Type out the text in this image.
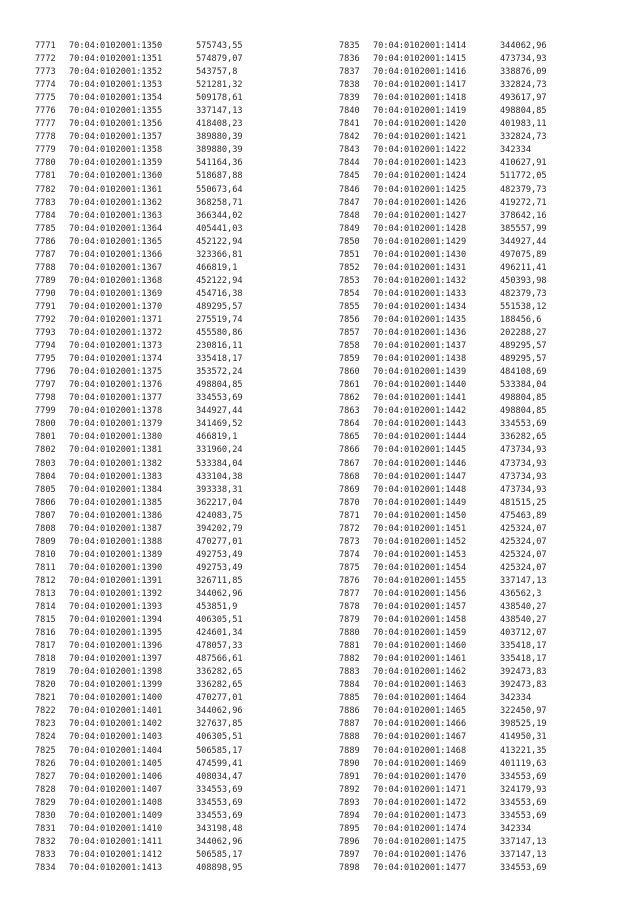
7771 70:04:0102001:1350	575743,55
7772 70:04:0102001:1351	574879,07
7773 70:04:0102001:1352	543757,8
7774 70:04:0102001:1353	521281,32
7775 70:04:0102001:1354	509178,61
7776 70:04:0102001:1355	337147,13
7777 70:04:0102001:1356	418408,23
7778 70:04:0102001:1357	389880,39
7779 70:04:0102001:1358	389880,39
7780 70:04:0102001:1359	541164,36
7781 70:04:0102001:1360	518687,88
7782 70:04:0102001:1361	550673,64
7783 70:04:0102001:1362	368258,71
7784 70:04:0102001:1363	366344,02
7785 70:04:0102001:1364	405441,03
7786 70:04:0102001:1365	452122,94
7787 70:04:0102001:1366	323366,81
7788 70:04:0102001:1367	466819,1
7789 70:04:0102001:1368	452122,94
7790 70:04:0102001:1369	454716,38
7791 70:04:0102001:1370	489295,57
7792 70:04:0102001:1371	275519,74
7793 70:04:0102001:1372	455580,86
7794 70:04:0102001:1373	230816,11
7795 70:04:0102001:1374	335418,17
7796 70:04:0102001:1375	353572,24
7797 70:04:0102001:1376	498804,85
7798 70:04:0102001:1377	334553,69
7799 70:04:0102001:1378	344927,44
7800 70:04:0102001:1379	341469,52
7801 70:04:0102001:1380	466819,1
7802 70:04:0102001:1381	331960,24
7803 70:04:0102001:1382	533384,04
7804 70:04:0102001:1383	433104,38
7805 70:04:0102001:1384	393338,31
7806 70:04:0102001:1385	362217,04
7807 70:04:0102001:1386	424083,75
7808 70:04:0102001:1387	394202,79
7809 70:04:0102001:1388	470277,01
7810 70:04:0102001:1389	492753,49
7811 70:04:0102001:1390	492753,49
7812 70:04:0102001:1391	326711,85
7813 70:04:0102001:1392	344062,96
7814 70:04:0102001:1393	453851,9
7815 70:04:0102001:1394	406305,51
7816 70:04:0102001:1395	424601,34
7817 70:04:0102001:1396	478057,33
7818 70:04:0102001:1397	487566,61
7819 70:04:0102001:1398	336282,65
7820 70:04:0102001:1399	336282,65
7821 70:04:0102001:1400	470277,01
7822 70:04:0102001:1401	344062,96
7823 70:04:0102001:1402	327637,85
7824 70:04:0102001:1403	406305,51
7825 70:04:0102001:1404	506585,17
7826 70:04:0102001:1405	474599,41
7827 70:04:0102001:1406	408034,47
7828 70:04:0102001:1407	334553,69
7829 70:04:0102001:1408	334553,69
7830 70:04:0102001:1409	334553,69
7831 70:04:0102001:1410	343198,48
7832 70:04:0102001:1411	344062,96
7833 70:04:0102001:1412	506585,17
7834 70:04:0102001:1413	408898,95
7835 70:04:0102001:1414	344062,96
7836 70:04:0102001:1415	473734,93
7837 70:04:0102001:1416	338876,09
7838 70:04:0102001:1417	332824,73
7839 70:04:0102001:1418	493617,97
7840 70:04:0102001:1419	498804,85
7841 70:04:0102001:1420	401983,11
7842 70:04:0102001:1421	332824,73
7843 70:04:0102001:1422	342334
7844 70:04:0102001:1423	410627,91
7845 70:04:0102001:1424	511772,05
7846 70:04:0102001:1425	482379,73
7847 70:04:0102001:1426	419272,71
7848 70:04:0102001:1427	378642,16
7849 70:04:0102001:1428	385557,99
7850 70:04:0102001:1429	344927,44
7851 70:04:0102001:1430	497075,89
7852 70:04:0102001:1431	496211,41
7853 70:04:0102001:1432	450393,98
7854 70:04:0102001:1433	482379,73
7855 70:04:0102001:1434	551538,12
7856 70:04:0102001:1435	188456,6
7857 70:04:0102001:1436	202288,27
7858 70:04:0102001:1437	489295,57
7859 70:04:0102001:1438	489295,57
7860 70:04:0102001:1439	484108,69
7861 70:04:0102001:1440	533384,04
7862 70:04:0102001:1441	498804,85
7863 70:04:0102001:1442	498804,85
7864 70:04:0102001:1443	334553,69
7865 70:04:0102001:1444	336282,65
7866 70:04:0102001:1445	473734,93
7867 70:04:0102001:1446	473734,93
7868 70:04:0102001:1447	473734,93
7869 70:04:0102001:1448	473734,93
7870 70:04:0102001:1449	481515,25
7871 70:04:0102001:1450	475463,89
7872 70:04:0102001:1451	425324,07
7873 70:04:0102001:1452	425324,07
7874 70:04:0102001:1453	425324,07
7875 70:04:0102001:1454	425324,07
7876 70:04:0102001:1455	337147,13
7877 70:04:0102001:1456	436562,3
7878 70:04:0102001:1457	438540,27
7879 70:04:0102001:1458	438540,27
7880 70:04:0102001:1459	403712,07
7881 70:04:0102001:1460	335418,17
7882 70:04:0102001:1461	335418,17
7883 70:04:0102001:1462	392473,83
7884 70:04:0102001:1463	392473,83
7885 70:04:0102001:1464	342334
7886 70:04:0102001:1465	322450,97
7887 70:04:0102001:1466	398525,19
7888 70:04:0102001:1467	414950,31
7889 70:04:0102001:1468	413221,35
7890 70:04:0102001:1469	401119,63
7891 70:04:0102001:1470	334553,69
7892 70:04:0102001:1471	324179,93
7893 70:04:0102001:1472	334553,69
7894 70:04:0102001:1473	334553,69
7895 70:04:0102001:1474	342334
7896 70:04:0102001:1475	337147,13
7897 70:04:0102001:1476	337147,13
7898 70:04:0102001:1477	334553,69
